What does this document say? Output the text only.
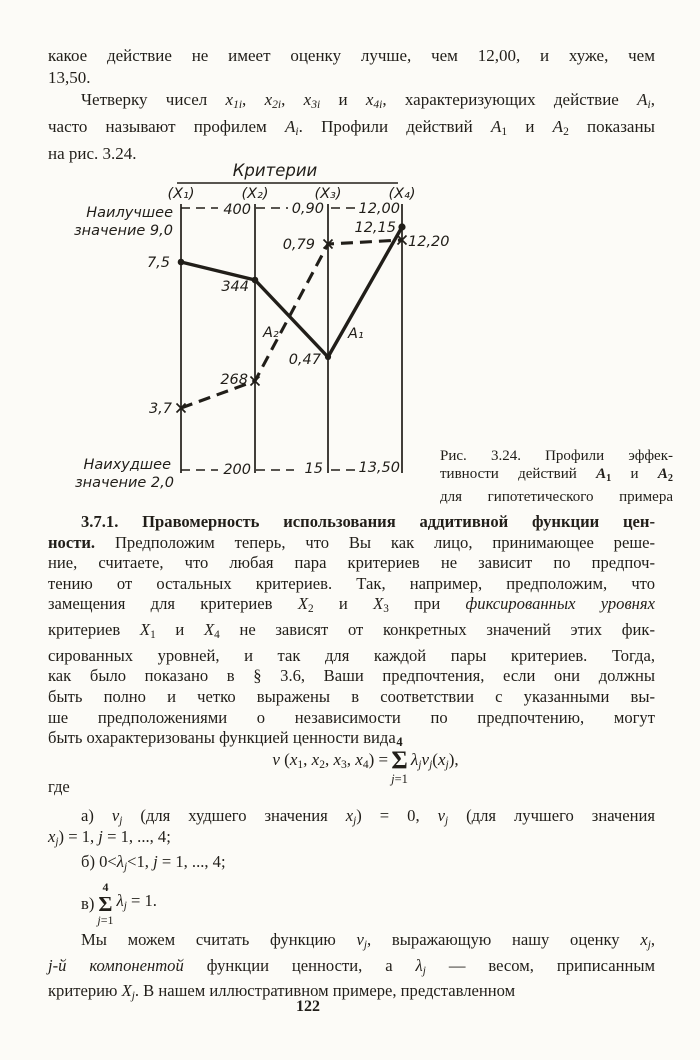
какое действие не имеет оценку лучше, чем 12,00, и хуже, чем
13,50.
Четверку чисел x1i, x2i, x3i и x4i, характеризующих действие Ai,
часто называют профилем Ai. Профили действий A1 и A2 показаны
на рис. 3.24.
Критерии
(X₁)	(X₂)	(X₃)	(X₄)
Наилучшее
значение 9,0
Наихудшее
значение 2,0
400	0,90 12,00
200	15 13,50
7,5
344
0,47
12,15
3,7
268
0,79	12,20
A₁
A₂
Рис. 3.24. Профили эффек-
тивности действий А1 и А2
для гипотетического примера
3.7.1. Правомерность использования аддитивной функции цен-
ности. Предположим теперь, что Вы как лицо, принимающее реше-
ние, считаете, что любая пара критериев не зависит по предпоч-
тению от остальных критериев. Так, например, предположим, что
замещения для критериев X2 и X3 при фиксированных уровнях
критериев X1 и X4 не зависят от конкретных значений этих фик-
сированных уровней, и так для каждой пары критериев. Тогда,
как было показано в § 3.6, Ваши предпочтения, если они должны
быть полно и четко выражены в соответствии с указанными вы-
ше предположениями о независимости по предпочтению, могут
быть охарактеризованы функцией ценности вида
v (x1, x2, x3, x4) =
4
Σ
j=1
λjvj(xj),
где
а) vj (для худшего значения xj) = 0, vj (для лучшего значения
xj) = 1, j = 1, ..., 4;
б) 0<λj<1, j = 1, ..., 4;
в)
4
Σ
j=1
λj = 1.
Мы можем считать функцию vj, выражающую нашу оценку xj,
j-й компонентой функции ценности, а λj — весом, приписанным
критерию Xj. В нашем иллюстративном примере, представленном
122
